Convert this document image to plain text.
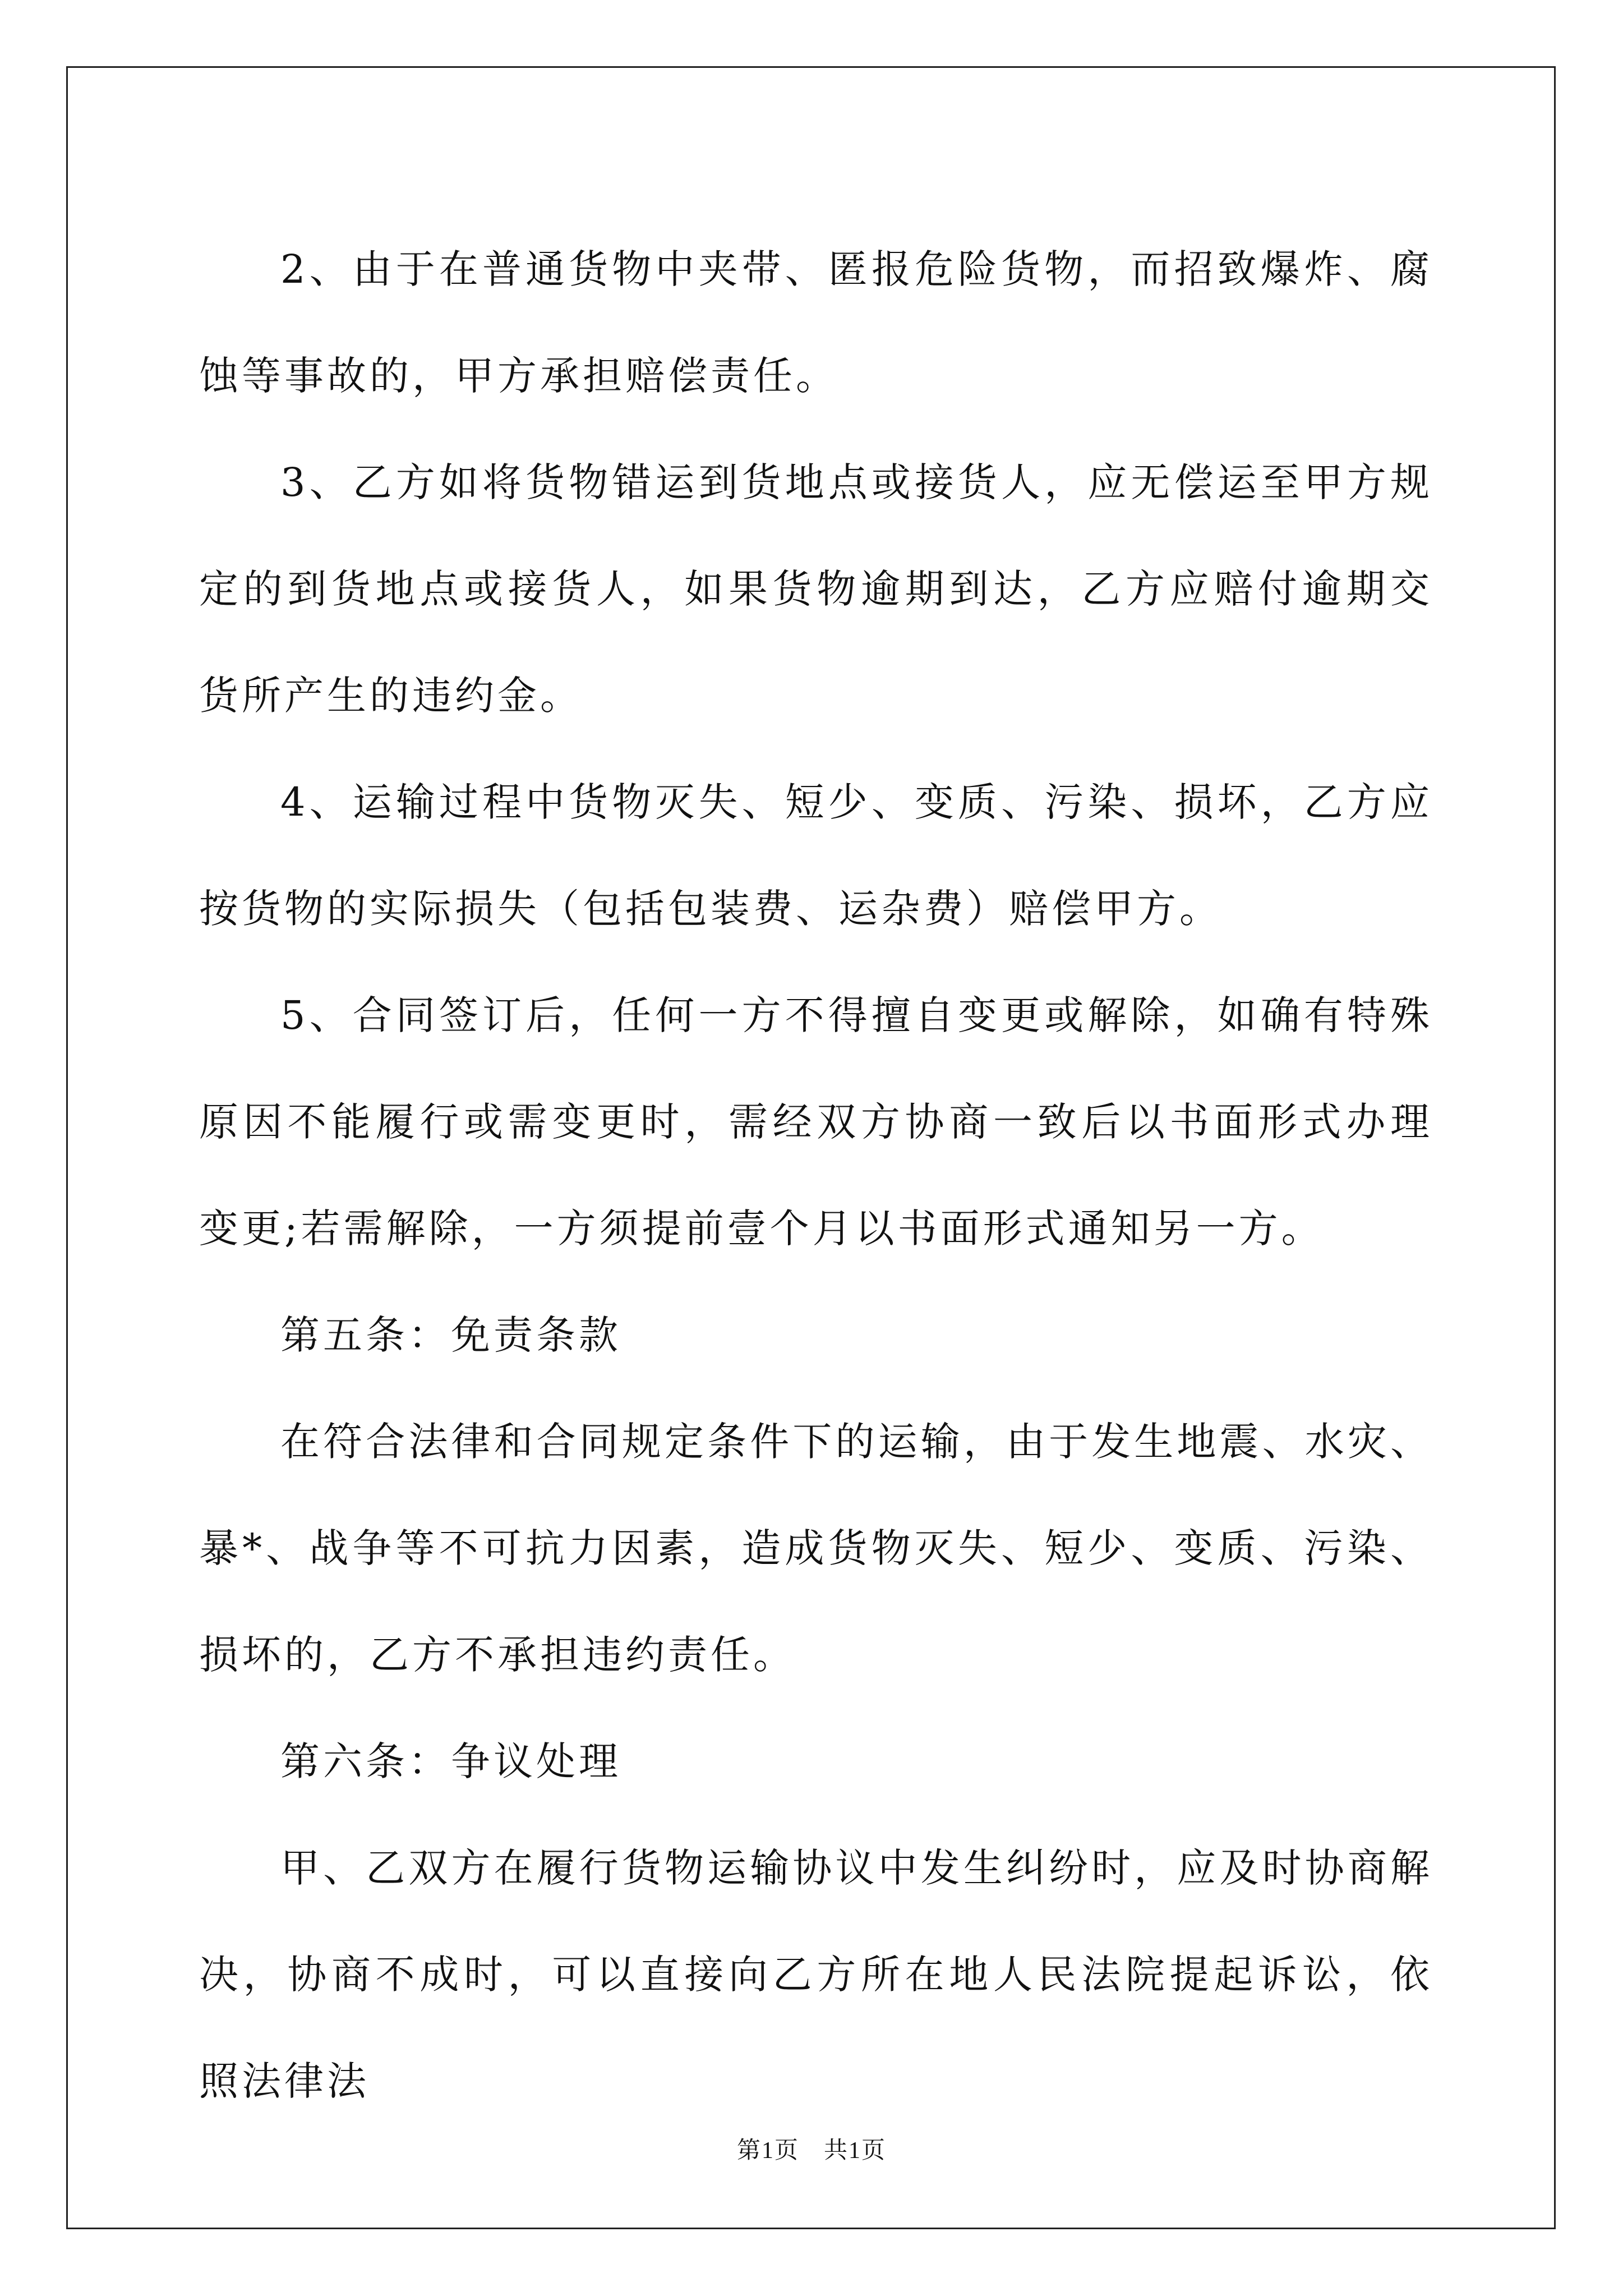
2、由于在普通货物中夹带、匿报危险货物，而招致爆炸、腐蚀等事故的，甲方承担赔偿责任。

3、乙方如将货物错运到货地点或接货人，应无偿运至甲方规定的到货地点或接货人，如果货物逾期到达，乙方应赔付逾期交货所产生的违约金。

4、运输过程中货物灭失、短少、变质、污染、损坏，乙方应按货物的实际损失（包括包装费、运杂费）赔偿甲方。

5、合同签订后，任何一方不得擅自变更或解除，如确有特殊原因不能履行或需变更时，需经双方协商一致后以书面形式办理变更;若需解除，一方须提前壹个月以书面形式通知另一方。

第五条：免责条款

在符合法律和合同规定条件下的运输，由于发生地震、水灾、暴*、战争等不可抗力因素，造成货物灭失、短少、变质、污染、损坏的，乙方不承担违约责任。

第六条：争议处理

甲、乙双方在履行货物运输协议中发生纠纷时，应及时协商解决，协商不成时，可以直接向乙方所在地人民法院提起诉讼，依照法律法

第1页　共1页
